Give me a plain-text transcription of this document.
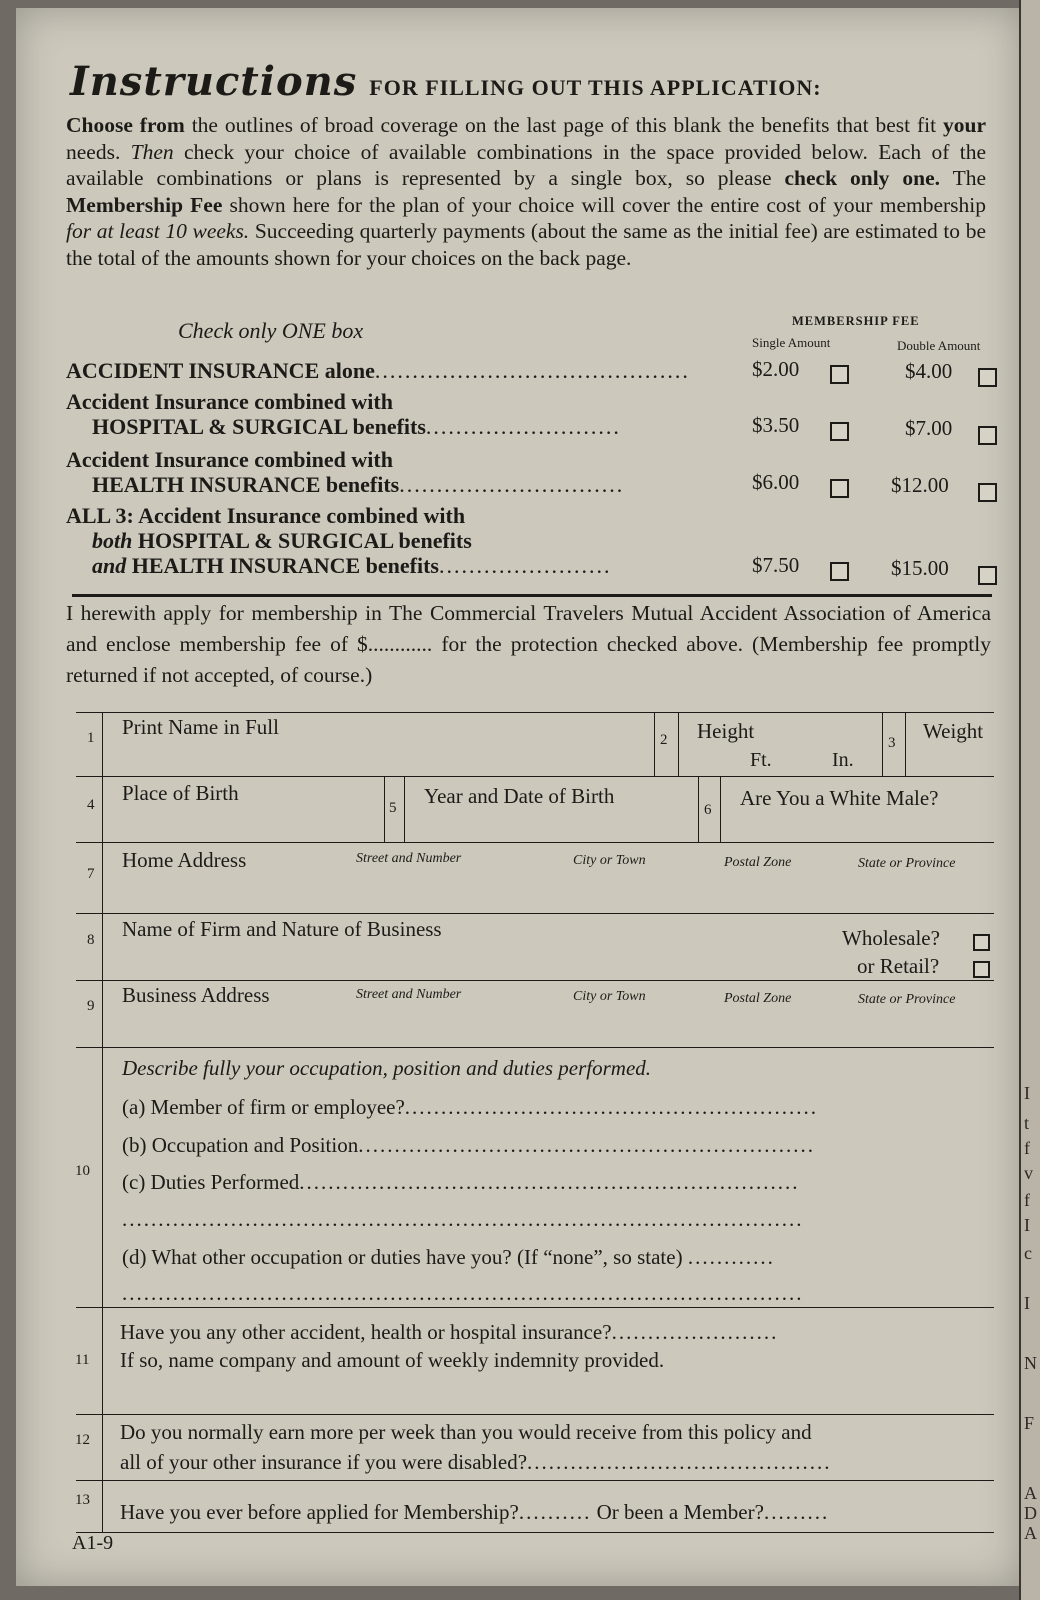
I
t
f
v
f
I
c
I
N
F
A
D
A
Instructions FOR FILLING OUT THIS APPLICATION:
Choose from the outlines of broad coverage on the last page of this blank the benefits that best fit your needs. Then check your choice of available combinations in the space provided below. Each of the available combinations or plans is represented by a single box, so please check only one. The Membership Fee shown here for the plan of your choice will cover the entire cost of your membership for at least 10 weeks. Succeeding quarterly payments (about the same as the initial fee) are estimated to be the total of the amounts shown for your choices on the back page.
Check only ONE box	MEMBERSHIP FEE
Single Amount	Double Amount
ACCIDENT INSURANCE alone..........................................	$2.00	$4.00
Accident Insurance combined with
HOSPITAL & SURGICAL benefits..........................	$3.50	$7.00
Accident Insurance combined with
HEALTH INSURANCE benefits..............................	$6.00	$12.00
ALL 3: Accident Insurance combined with
both HOSPITAL & SURGICAL benefits
and HEALTH INSURANCE benefits.......................	$7.50	$15.00
I herewith apply for membership in The Commercial Travelers Mutual Accident Association of America and enclose membership fee of $............ for the protection checked above. (Membership fee promptly returned if not accepted, of course.)
1 Print Name in Full
2 Height
Ft.	In.
3 Weight
4 Place of Birth
5 Year and Date of Birth
6 Are You a White Male?
7
Home Address	Street and Number	City or Town	Postal Zone	State or Province
8 Name of Firm and Nature of Business	Wholesale?
or Retail?
9 Business Address	Street and Number	City or Town	Postal Zone	State or Province
10
Describe fully your occupation, position and duties performed.
(a) Member of firm or employee?.........................................................
(b) Occupation and Position...............................................................
(c) Duties Performed.....................................................................
..............................................................................................
(d) What other occupation or duties have you? (If “none”, so state) ............
..............................................................................................
11
Have you any other accident, health or hospital insurance?.......................
If so, name company and amount of weekly indemnity provided.
12 Do you normally earn more per week than you would receive from this policy and
all of your other insurance if you were disabled?..........................................
13 Have you ever before applied for Membership?.......... Or been a Member?.........
A1-9
